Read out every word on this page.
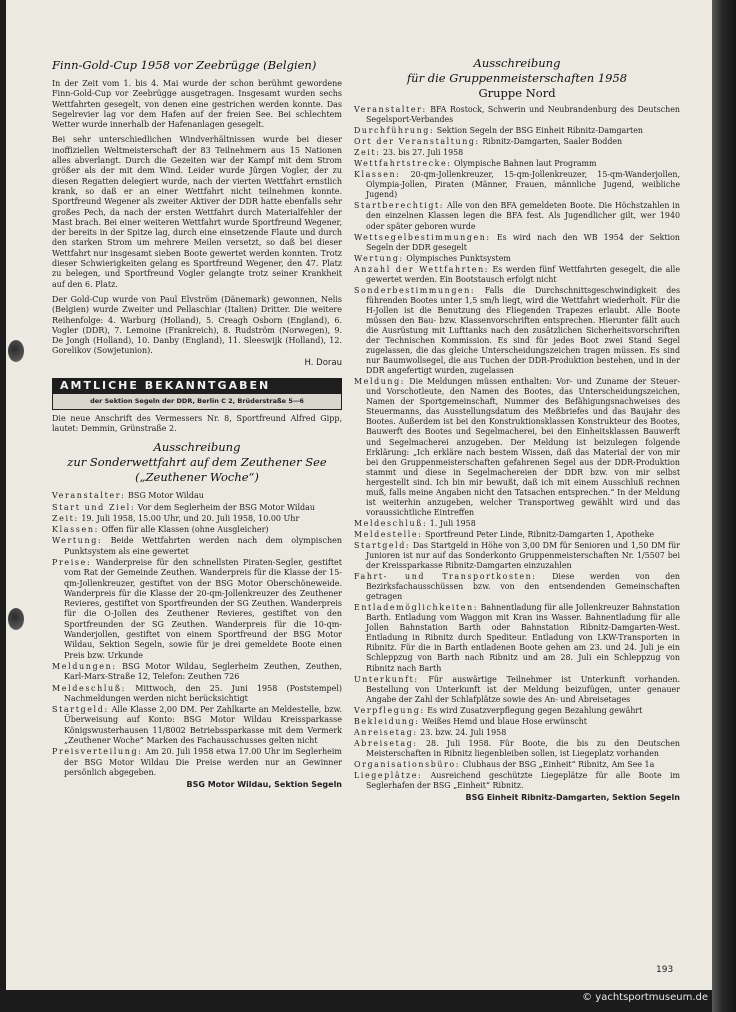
Finn-Gold-Cup 1958 vor Zeebrügge (Belgien)

In der Zeit vom 1. bis 4. Mai wurde der schon berühmt gewordene Finn-Gold-Cup vor Zeebrügge ausgetragen. Insgesamt wurden sechs Wettfahrten gesegelt, von denen eine gestrichen werden konnte. Das Segelrevier lag vor dem Hafen auf der freien See. Bei schlechtem Wetter wurde innerhalb der Hafenanlagen gesegelt.

Bei sehr unterschiedlichen Windverhältnissen wurde bei dieser inoffiziellen Weltmeisterschaft der 83 Teilnehmern aus 15 Nationen alles abverlangt. Durch die Gezeiten war der Kampf mit dem Strom größer als der mit dem Wind. Leider wurde Jürgen Vogler, der zu diesen Regatten delegiert wurde, nach der vierten Wettfahrt ernstlich krank, so daß er an einer Wettfahrt nicht teilnehmen konnte. Sportfreund Wegener als zweiter Aktiver der DDR hatte ebenfalls sehr großes Pech, da nach der ersten Wettfahrt durch Materialfehler der Mast brach. Bei einer weiteren Wettfahrt wurde Sportfreund Wegener, der bereits in der Spitze lag, durch eine einsetzende Flaute und durch den starken Strom um mehrere Meilen versetzt, so daß bei dieser Wettfahrt nur insgesamt sieben Boote gewertet werden konnten. Trotz dieser Schwierigkeiten gelang es Sportfreund Wegener, den 47. Platz zu belegen, und Sportfreund Vogler gelangte trotz seiner Krankheit auf den 6. Platz.

Der Gold-Cup wurde von Paul Elvström (Dänemark) gewonnen, Nelis (Belgien) wurde Zweiter und Pellaschiar (Italien) Dritter. Die weitere Reihenfolge: 4. Warburg (Holland), 5. Creagh Osborn (England), 6. Vogler (DDR), 7. Lemoine (Frankreich), 8. Rudström (Norwegen), 9. De Jongh (Holland), 10. Danby (England), 11. Sleeswijk (Holland), 12. Gorelikov (Sowjetunion).

H. Dorau
AMTLICHE BEKANNTGABEN
der Sektion Segeln der DDR, Berlin C 2, Brüderstraße 5—6

Die neue Anschrift des Vermessers Nr. 8, Sportfreund Alfred Gipp, lautet: Demmin, Grünstraße 2.

Ausschreibung
zur Sonderwettfahrt auf dem Zeuthener See
(„Zeuthener Woche“)
Veranstalter: BSG Motor Wildau
Start und Ziel: Vor dem Seglerheim der BSG Motor Wildau
Zeit: 19. Juli 1958, 15.00 Uhr, und 20. Juli 1958, 10.00 Uhr
Klassen: Offen für alle Klassen (ohne Ausgleicher)
Wertung: Beide Wettfahrten werden nach dem olympischen Punktsystem als eine gewertet
Preise: Wanderpreise für den schnellsten Piraten-Segler, gestiftet vom Rat der Gemeinde Zeuthen. Wanderpreis für die Klasse der 15-qm-Jollenkreuzer, gestiftet von der BSG Motor Oberschöneweide. Wanderpreis für die Klasse der 20-qm-Jollenkreuzer des Zeuthener Revieres, gestiftet von Sportfreunden der SG Zeuthen. Wanderpreis für die O-Jollen des Zeuthener Revieres, gestiftet von den Sportfreunden der SG Zeuthen. Wanderpreis für die 10-qm-Wanderjollen, gestiftet von einem Sportfreund der BSG Motor Wildau, Sektion Segeln, sowie für je drei gemeldete Boote einen Preis bzw. Urkunde
Meldungen: BSG Motor Wildau, Seglerheim Zeuthen, Zeuthen, Karl-Marx-Straße 12, Telefon: Zeuthen 726
Meldeschluß: Mittwoch, den 25. Juni 1958 (Poststempel) Nachmeldungen werden nicht berücksichtigt
Startgeld: Alle Klasse 2,00 DM. Per Zahlkarte an Meldestelle, bzw. Überweisung auf Konto: BSG Motor Wildau Kreissparkasse Königswusterhausen 11/8002 Betriebssparkasse mit dem Vermerk „Zeuthener Woche“ Marken des Fachausschusses gelten nicht
Preisverteilung: Am 20. Juli 1958 etwa 17.00 Uhr im Seglerheim der BSG Motor Wildau Die Preise werden nur an Gewinner persönlich abgegeben.
BSG Motor Wildau, Sektion Segeln
Ausschreibung
für die Gruppenmeisterschaften 1958
Gruppe Nord
Veranstalter: BFA Rostock, Schwerin und Neubrandenburg des Deutschen Segelsport-Verbandes
Durchführung: Sektion Segeln der BSG Einheit Ribnitz-Damgarten
Ort der Veranstaltung: Ribnitz-Damgarten, Saaler Bodden
Zeit: 23. bis 27. Juli 1958
Wettfahrtstrecke: Olympische Bahnen laut Programm
Klassen: 20-qm-Jollenkreuzer, 15-qm-Jollenkreuzer, 15-qm-Wanderjollen, Olympia-Jollen, Piraten (Männer, Frauen, männliche Jugend, weibliche Jugend)
Startberechtigt: Alle von den BFA gemeldeten Boote. Die Höchstzahlen in den einzelnen Klassen legen die BFA fest. Als Jugendlicher gilt, wer 1940 oder später geboren wurde
Wettsegelbestimmungen: Es wird nach den WB 1954 der Sektion Segeln der DDR gesegelt
Wertung: Olympisches Punktsystem
Anzahl der Wettfahrten: Es werden fünf Wettfahrten gesegelt, die alle gewertet werden. Ein Bootstausch erfolgt nicht
Sonderbestimmungen: Falls die Durchschnittsgeschwindigkeit des führenden Bootes unter 1,5 sm/h liegt, wird die Wettfahrt wiederholt. Für die H-Jollen ist die Benutzung des Fliegenden Trapezes erlaubt. Alle Boote müssen den Bau- bzw. Klassenvorschriften entsprechen. Hierunter fällt auch die Ausrüstung mit Lufttanks nach den zusätzlichen Sicherheitsvorschriften der Technischen Kommission. Es sind für jedes Boot zwei Stand Segel zugelassen, die das gleiche Unterscheidungszeichen tragen müssen. Es sind nur Baumwollsegel, die aus Tuchen der DDR-Produktion bestehen, und in der DDR angefertigt wurden, zugelassen
Meldung: Die Meldungen müssen enthalten: Vor- und Zuname der Steuer- und Vorschotleute, den Namen des Bootes, das Unterscheidungszeichen, Namen der Sportgemeinschaft, Nummer des Befähigungsnachweises des Steuermanns, das Ausstellungsdatum des Meßbriefes und das Baujahr des Bootes. Außerdem ist bei den Konstruktionsklassen Konstrukteur des Bootes, Bauwerft des Bootes und Segelmacherei, bei den Einheitsklassen Bauwerft und Segelmacherei anzugeben. Der Meldung ist beizulegen folgende Erklärung: „Ich erkläre nach bestem Wissen, daß das Material der von mir bei den Gruppenmeisterschaften gefahrenen Segel aus der DDR-Produktion stammt und diese in Segelmachereien der DDR bzw. von mir selbst hergestellt sind. Ich bin mir bewußt, daß ich mit einem Ausschluß rechnen muß, falls meine Angaben nicht den Tatsachen entsprechen.“ In der Meldung ist weiterhin anzugeben, welcher Transportweg gewählt wird und das voraussichtliche Eintreffen
Meldeschluß: 1. Juli 1958
Meldestelle: Sportfreund Peter Linde, Ribnitz-Damgarten 1, Apotheke
Startgeld: Das Startgeld in Höhe von 3,00 DM für Senioren und 1,50 DM für Junioren ist nur auf das Sonderkonto Gruppenmeisterschaften Nr. 1/5507 bei der Kreissparkasse Ribnitz-Damgarten einzuzahlen
Fahrt- und Transportkosten: Diese werden von den Bezirksfachausschüssen bzw. von den entsendenden Gemeinschaften getragen
Entlademöglichkeiten: Bahnentladung für alle Jollenkreuzer Bahnstation Barth. Entladung vom Waggon mit Kran ins Wasser. Bahnentladung für alle Jollen Bahnstation Barth oder Bahnstation Ribnitz-Damgarten-West. Entladung in Ribnitz durch Spediteur. Entladung von LKW-Transporten in Ribnitz. Für die in Barth entladenen Boote gehen am 23. und 24. Juli je ein Schleppzug von Barth nach Ribnitz und am 28. Juli ein Schleppzug von Ribnitz nach Barth
Unterkunft: Für auswärtige Teilnehmer ist Unterkunft vorhanden. Bestellung von Unterkunft ist der Meldung beizufügen, unter genauer Angabe der Zahl der Schlafplätze sowie des An- und Abreisetages
Verpflegung: Es wird Zusatzverpflegung gegen Bezahlung gewährt
Bekleidung: Weißes Hemd und blaue Hose erwünscht
Anreisetag: 23. bzw. 24. Juli 1958
Abreisetag: 28. Juli 1958. Für Boote, die bis zu den Deutschen Meisterschaften in Ribnitz liegenbleiben sollen, ist Liegeplatz vorhanden
Organisationsbüro: Clubhaus der BSG „Einheit“ Ribnitz, Am See 1a
Liegeplätze: Ausreichend geschützte Liegeplätze für alle Boote im Seglerhafen der BSG „Einheit“ Ribnitz.
BSG Einheit Ribnitz-Damgarten, Sektion Segeln
193
© yachtsportmuseum.de
